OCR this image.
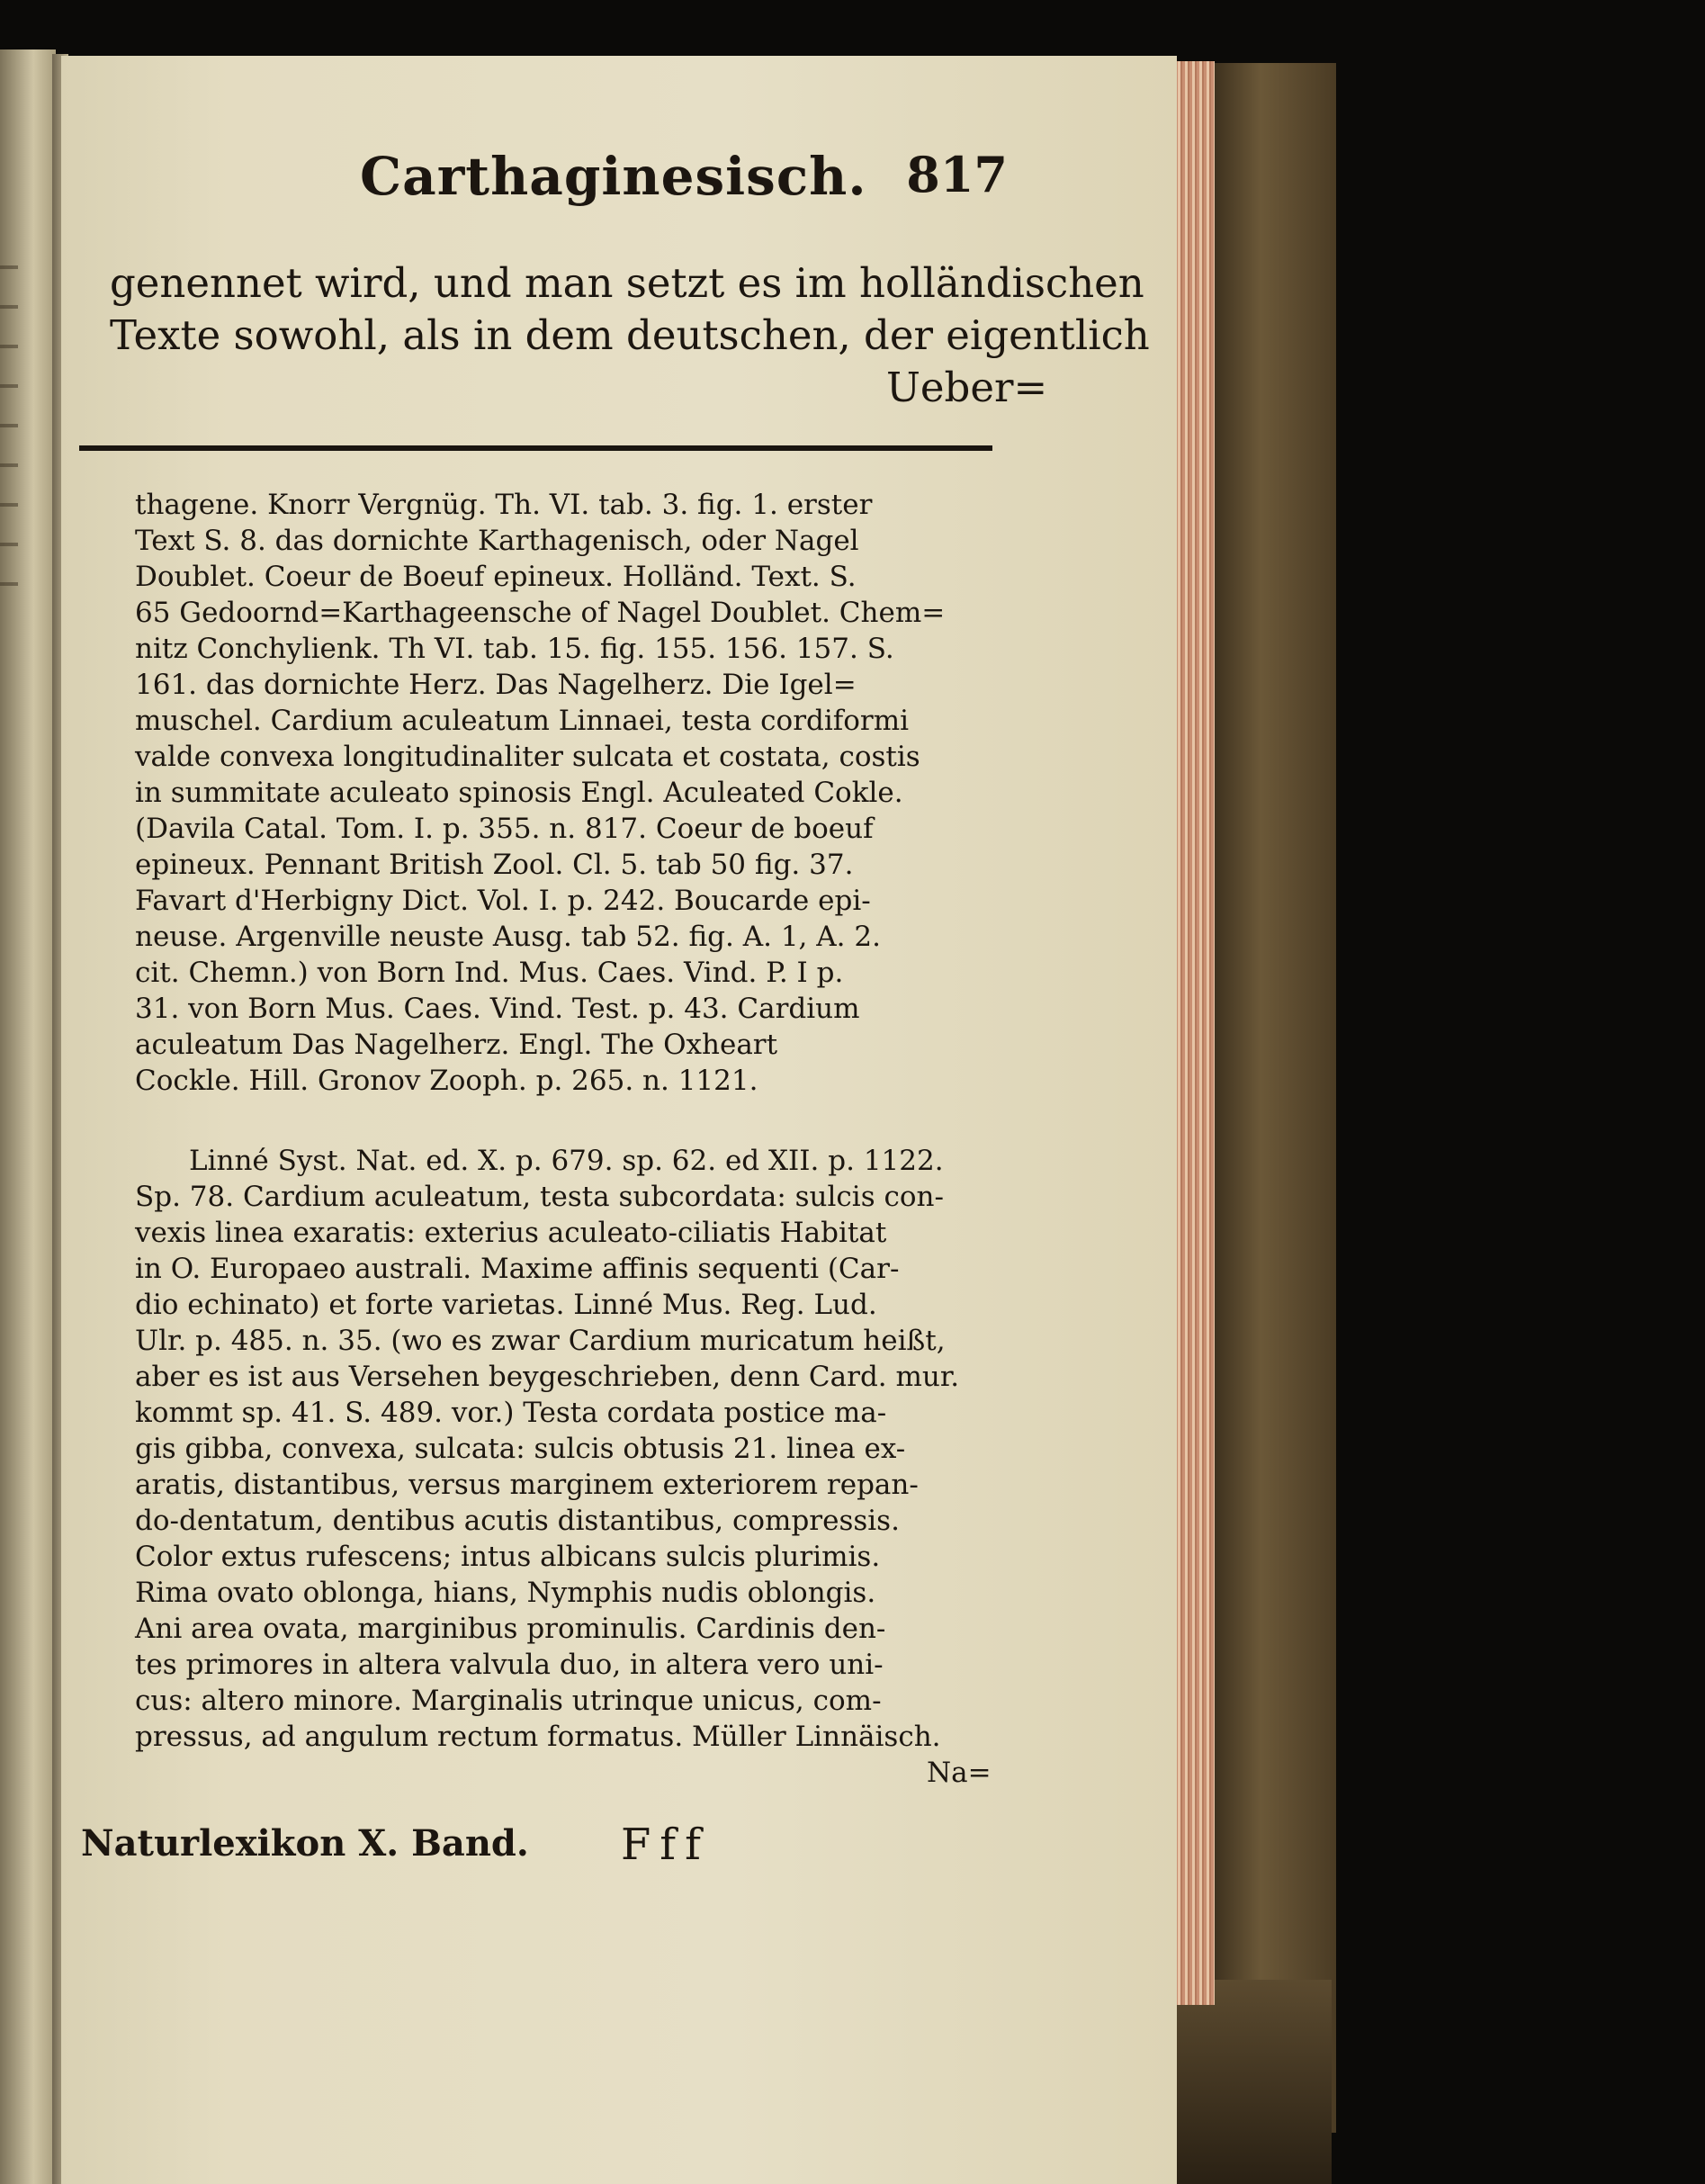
Carthaginesisch. 817
genennet wird, und man setzt es im holländischen
Texte sowohl, als in dem deutschen, der eigentlich
Ueber=
thagene. Knorr Vergnüg. Th. VI. tab. 3. fig. 1. erster
Text S. 8. das dornichte Karthagenisch, oder Nagel
Doublet. Coeur de Boeuf epineux. Holländ. Text. S.
65 Gedoornd=Karthageensche of Nagel Doublet. Chem=
nitz Conchylienk. Th VI. tab. 15. fig. 155. 156. 157. S.
161. das dornichte Herz. Das Nagelherz. Die Igel=
muschel. Cardium aculeatum Linnaei, testa cordiformi
valde convexa longitudinaliter sulcata et costata, costis
in summitate aculeato spinosis Engl. Aculeated Cokle.
(Davila Catal. Tom. I. p. 355. n. 817. Coeur de boeuf
epineux. Pennant British Zool. Cl. 5. tab 50 fig. 37.
Favart d'Herbigny Dict. Vol. I. p. 242. Boucarde epi-
neuse. Argenville neuste Ausg. tab 52. fig. A. 1, A. 2.
cit. Chemn.) von Born Ind. Mus. Caes. Vind. P. I p.
31. von Born Mus. Caes. Vind. Test. p. 43. Cardium
aculeatum Das Nagelherz. Engl. The Oxheart
Cockle. Hill. Gronov Zooph. p. 265. n. 1121.
Linné Syst. Nat. ed. X. p. 679. sp. 62. ed XII. p. 1122.
Sp. 78. Cardium aculeatum, testa subcordata: sulcis con-
vexis linea exaratis: exterius aculeato-ciliatis Habitat
in O. Europaeo australi. Maxime affinis sequenti (Car-
dio echinato) et forte varietas. Linné Mus. Reg. Lud.
Ulr. p. 485. n. 35. (wo es zwar Cardium muricatum heißt,
aber es ist aus Versehen beygeschrieben, denn Card. mur.
kommt sp. 41. S. 489. vor.) Testa cordata postice ma-
gis gibba, convexa, sulcata: sulcis obtusis 21. linea ex-
aratis, distantibus, versus marginem exteriorem repan-
do-dentatum, dentibus acutis distantibus, compressis.
Color extus rufescens; intus albicans sulcis plurimis.
Rima ovato oblonga, hians, Nymphis nudis oblongis.
Ani area ovata, marginibus prominulis. Cardinis den-
tes primores in altera valvula duo, in altera vero uni-
cus: altero minore. Marginalis utrinque unicus, com-
pressus, ad angulum rectum formatus. Müller Linnäisch.
Na=
Naturlexikon X. Band. Fff
